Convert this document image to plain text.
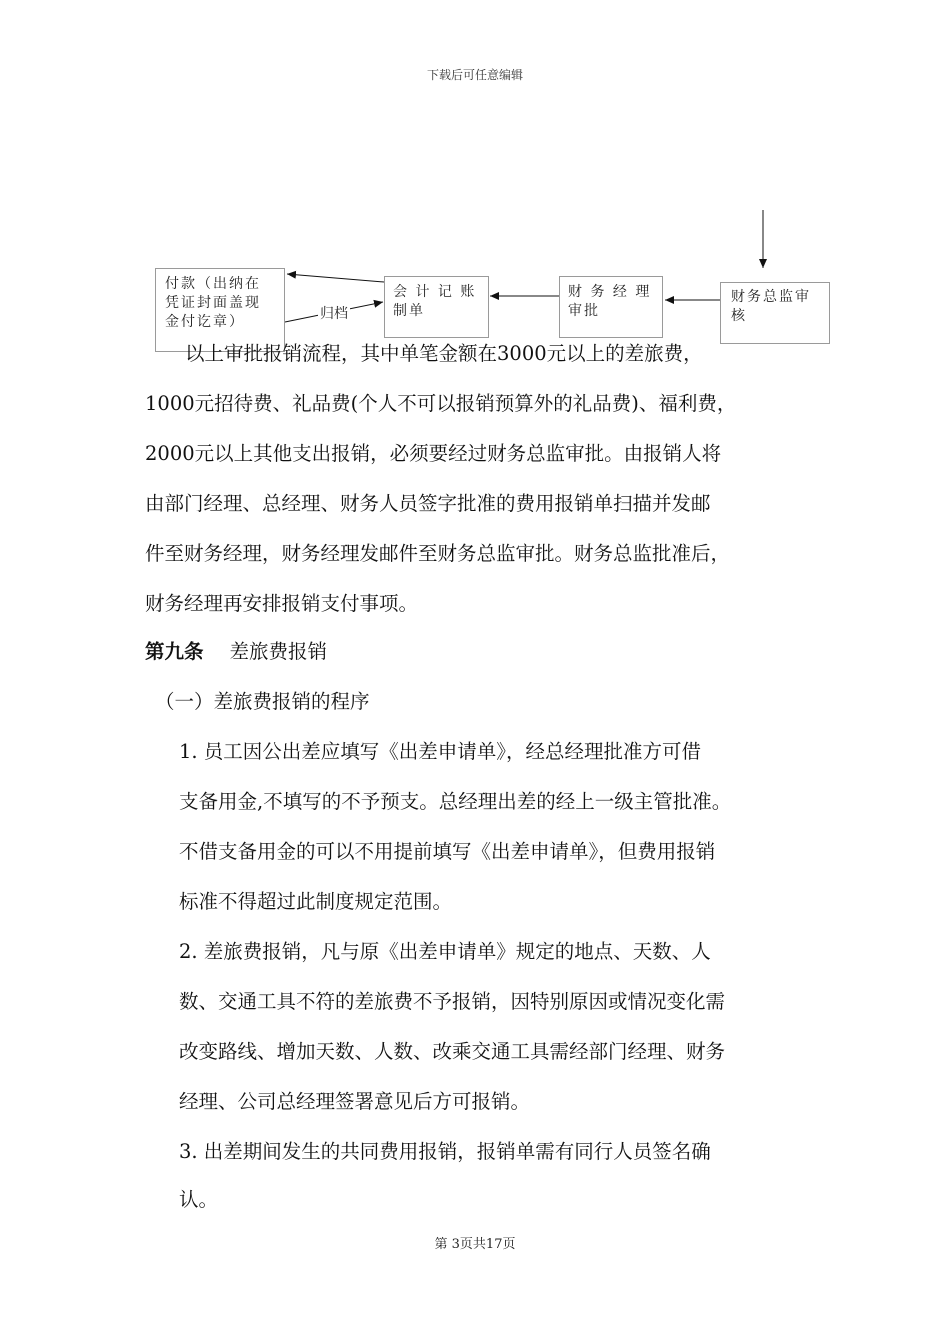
下载后可任意编辑
付款（出纳在
凭证封面盖现
金付讫章）
会 计 记 账
制单
财 务 经 理
审批
财务总监审
核
归档
以上审批报销流程，其中单笔金额在3000元以上的差旅费，
1000元招待费、礼品费(个人不可以报销预算外的礼品费)、福利费，
2000元以上其他支出报销，必须要经过财务总监审批。由报销人将
由部门经理、总经理、财务人员签字批准的费用报销单扫描并发邮
件至财务经理，财务经理发邮件至财务总监审批。财务总监批准后，
财务经理再安排报销支付事项。
第九条 差旅费报销
（一）差旅费报销的程序
1. 员工因公出差应填写《出差申请单》，经总经理批准方可借
支备用金,不填写的不予预支。总经理出差的经上一级主管批准。
不借支备用金的可以不用提前填写《出差申请单》，但费用报销
标准不得超过此制度规定范围。
2. 差旅费报销，凡与原《出差申请单》规定的地点、天数、人
数、交通工具不符的差旅费不予报销，因特别原因或情况变化需
改变路线、增加天数、人数、改乘交通工具需经部门经理、财务
经理、公司总经理签署意见后方可报销。
3. 出差期间发生的共同费用报销，报销单需有同行人员签名确
认。
第 3页共17页
